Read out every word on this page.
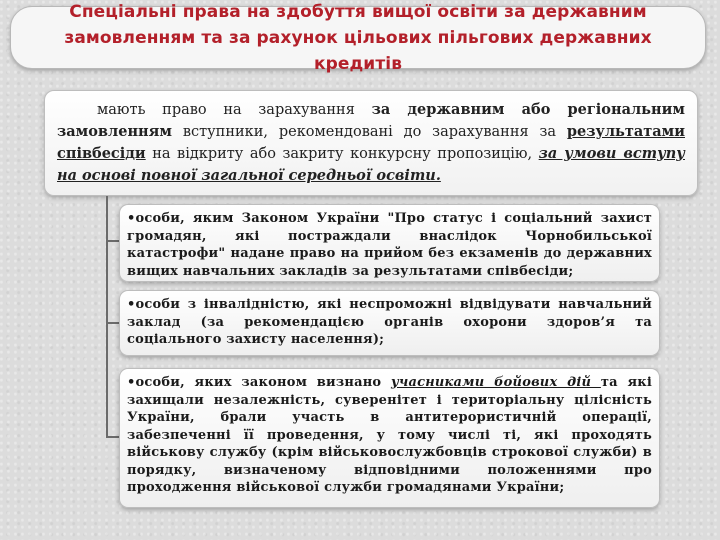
Спеціальні права на здобуття вищої освіти за державним замовленням та за рахунок цільових пільгових державних кредитів
мають право на зарахування за державним або регіональним замовленням вступники, рекомендовані до зарахування за результатами співбесіди на відкриту або закриту конкурсну пропозицію, за умови вступу на основі повної загальної середньої освіти.
•особи, яким Законом України "Про статус і соціальний захист громадян, які постраждали внаслідок Чорнобильської катастрофи" надане право на прийом без екзаменів до державних вищих навчальних закладів за результатами співбесіди;
•особи з інвалідністю, які неспроможні відвідувати навчальний заклад (за рекомендацією органів охорони здоров’я та соціального захисту населення);
•особи, яких законом визнано учасниками бойових дій та які захищали незалежність, суверенітет і територіальну цілісність України, брали участь в антитерористичній операції, забезпеченні її проведення, у тому числі ті, які проходять військову службу (крім військовослужбовців строкової служби) в порядку, визначеному відповідними положеннями про проходження військової служби громадянами України;
